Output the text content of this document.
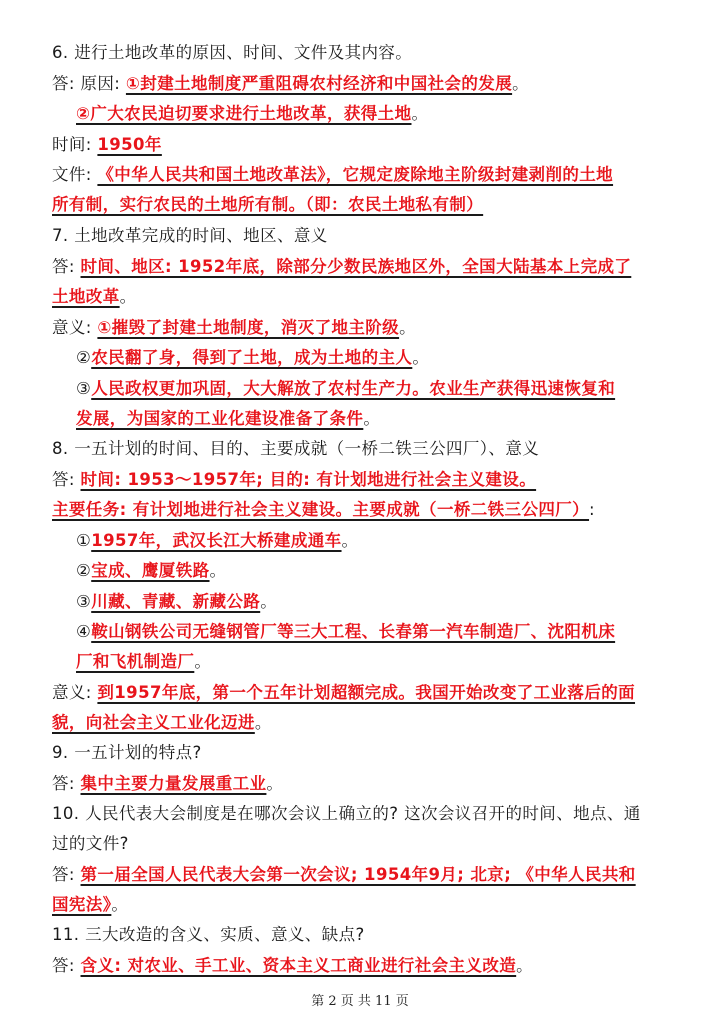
6. 进行土地改革的原因、时间、文件及其内容。
答: 原因: ①封建土地制度严重阻碍农村经济和中国社会的发展。
②广大农民迫切要求进行土地改革，获得土地。
时间: 1950年
文件: 《中华人民共和国土地改革法》，它规定废除地主阶级封建剥削的土地
所有制，实行农民的土地所有制。（即：农民土地私有制）
7. 土地改革完成的时间、地区、意义
答: 时间、地区: 1952年底，除部分少数民族地区外，全国大陆基本上完成了
土地改革。
意义: ①摧毁了封建土地制度，消灭了地主阶级。
②农民翻了身，得到了土地，成为土地的主人。
③人民政权更加巩固，大大解放了农村生产力。农业生产获得迅速恢复和
发展，为国家的工业化建设准备了条件。
8. 一五计划的时间、目的、主要成就（一桥二铁三公四厂）、意义
答: 时间: 1953～1957年; 目的: 有计划地进行社会主义建设。
主要任务: 有计划地进行社会主义建设。主要成就（一桥二铁三公四厂）:
①1957年，武汉长江大桥建成通车。
②宝成、鹰厦铁路。
③川藏、青藏、新藏公路。
④鞍山钢铁公司无缝钢管厂等三大工程、长春第一汽车制造厂、沈阳机床
厂和飞机制造厂。
意义: 到1957年底，第一个五年计划超额完成。我国开始改变了工业落后的面
貌，向社会主义工业化迈进。
9. 一五计划的特点?
答: 集中主要力量发展重工业。
10. 人民代表大会制度是在哪次会议上确立的? 这次会议召开的时间、地点、通
过的文件?
答: 第一届全国人民代表大会第一次会议; 1954年9月; 北京; 《中华人民共和
国宪法》。
11. 三大改造的含义、实质、意义、缺点?
答: 含义: 对农业、手工业、资本主义工商业进行社会主义改造。
第 2 页 共 11 页
